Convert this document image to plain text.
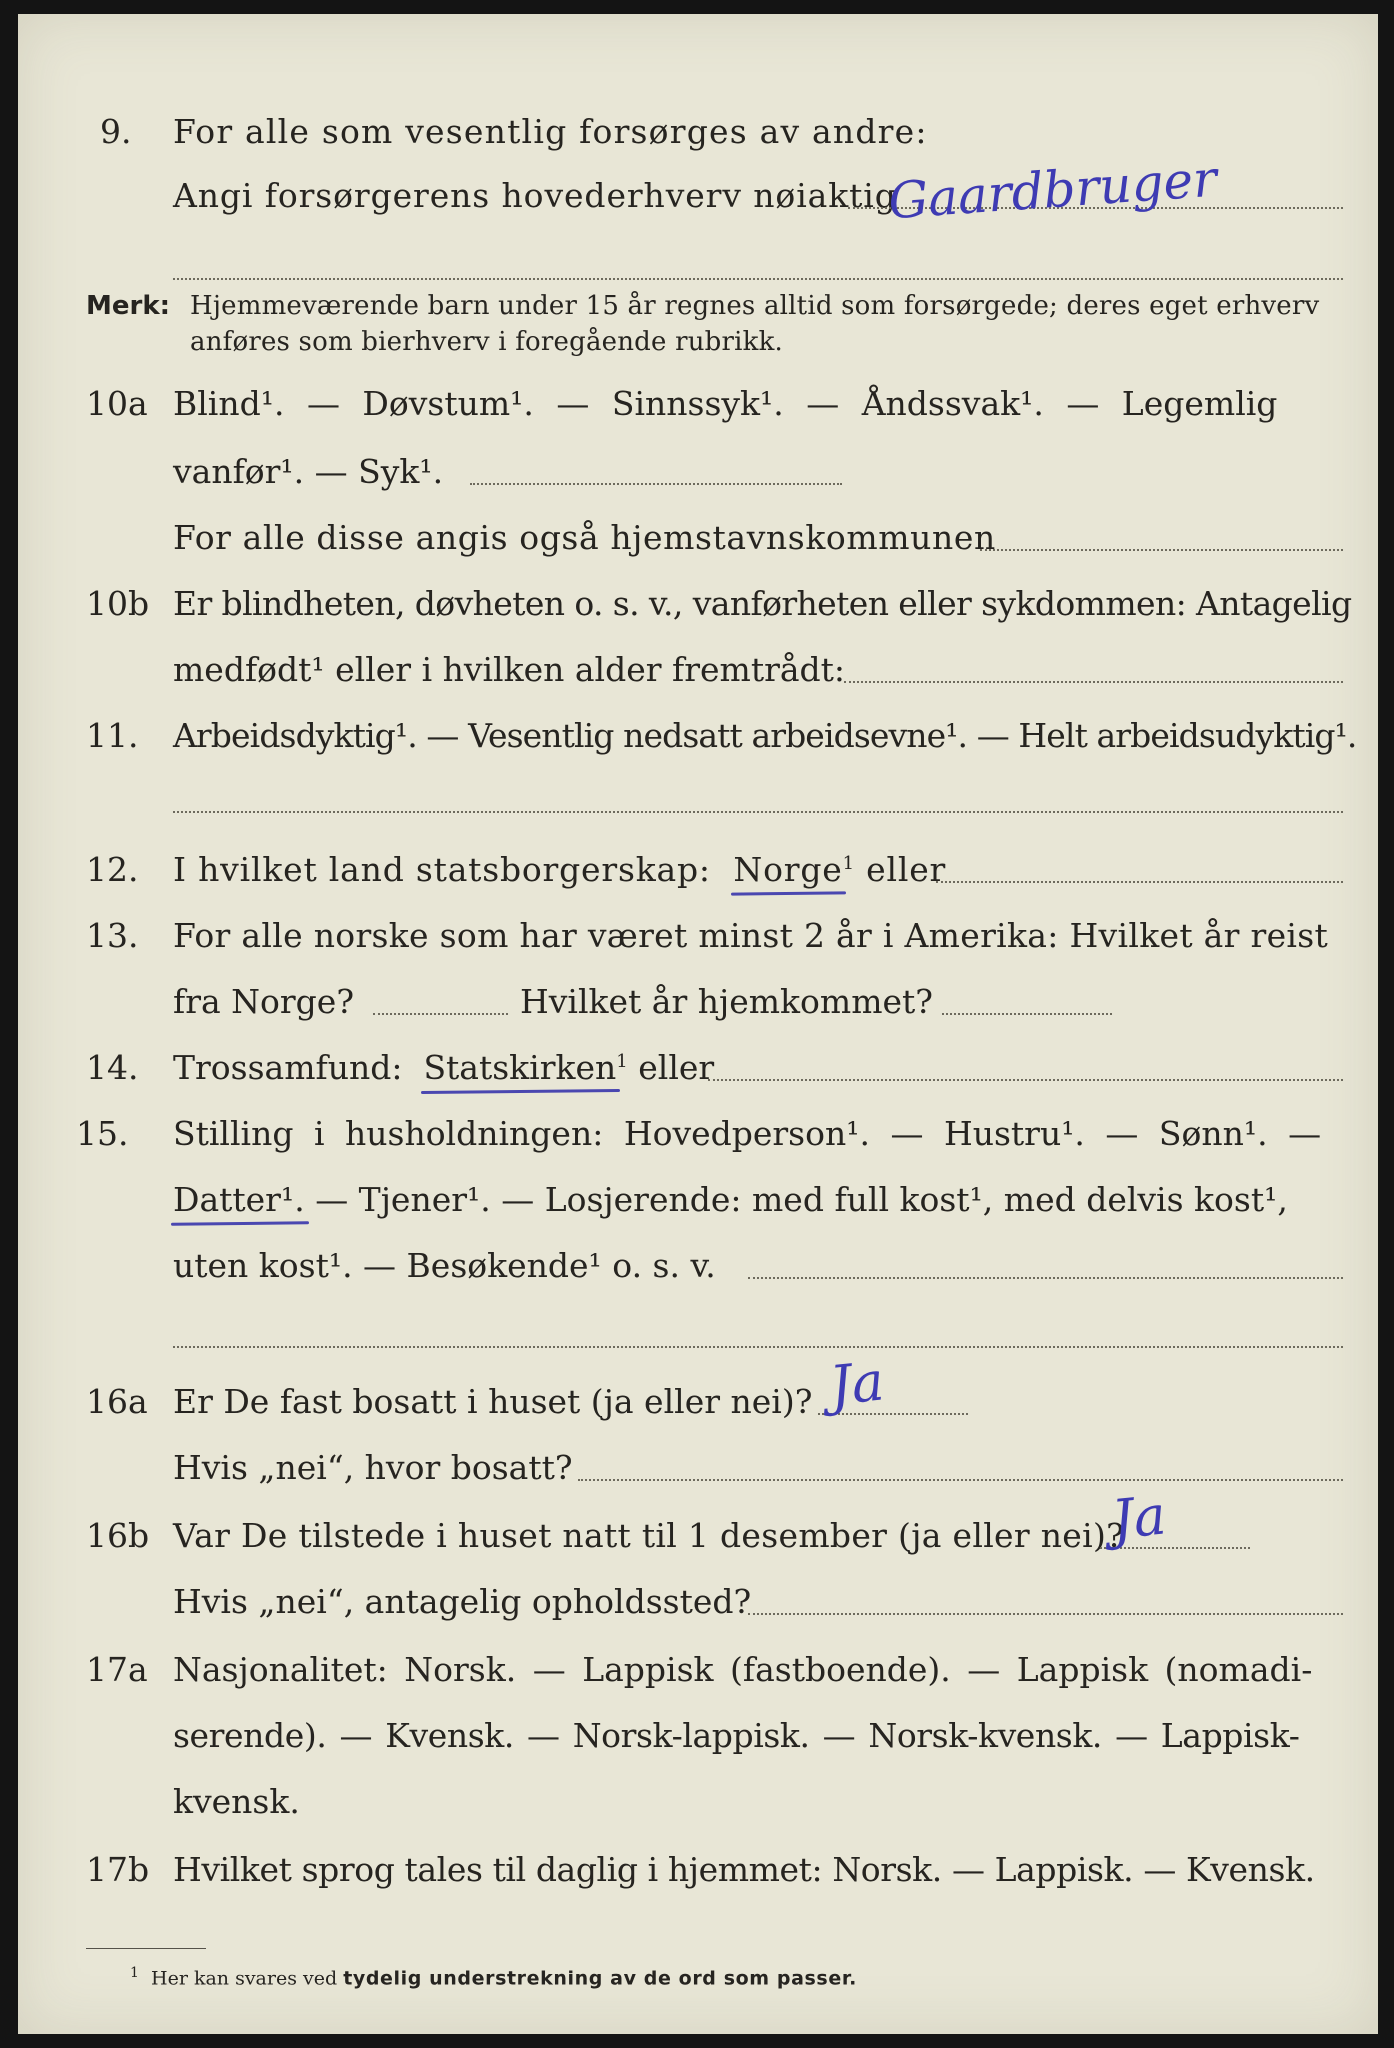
9. For alle som vesentlig forsørges av andre:
Angi forsørgerens hovederhverv nøiaktig
Gaardbruger
Merk: Hjemmeværende barn under 15 år regnes alltid som forsørgede; deres eget erhverv
anføres som bierhverv i foregående rubrikk.
10a Blind¹. — Døvstum¹. — Sinnssyk¹. — Åndssvak¹. — Legemlig
vanfør¹. — Syk¹.
For alle disse angis også hjemstavnskommunen
10b Er blindheten, døvheten o. s. v., vanførheten eller sykdommen: Antagelig
medfødt¹ eller i hvilken alder fremtrådt:
11. Arbeidsdyktig¹. — Vesentlig nedsatt arbeidsevne¹. — Helt arbeidsudyktig¹.
12. I hvilket land statsborgerskap: Norge$^1$ eller
13. For alle norske som har været minst 2 år i Amerika: Hvilket år reist
fra Norge?	Hvilket år hjemkommet?
14. Trossamfund: Statskirken$^1$ eller
15. Stilling i husholdningen: Hovedperson¹. — Hustru¹. — Sønn¹. —
Datter¹. — Tjener¹. — Losjerende: med full kost¹, med delvis kost¹,
uten kost¹. — Besøkende¹ o. s. v.
16a Er De fast bosatt i huset (ja eller nei)? Ja
Hvis „nei“, hvor bosatt?
16b Var De tilstede i huset natt til 1 desember (ja eller nei)?
Ja
Hvis „nei“, antagelig opholdssted?
17a Nasjonalitet: Norsk. — Lappisk (fastboende). — Lappisk (nomadi-
serende). — Kvensk. — Norsk-lappisk. — Norsk-kvensk. — Lappisk-
kvensk.
17b Hvilket sprog tales til daglig i hjemmet: Norsk. — Lappisk. — Kvensk.
$^1$ Her kan svares ved tydelig understrekning av de ord som passer.
